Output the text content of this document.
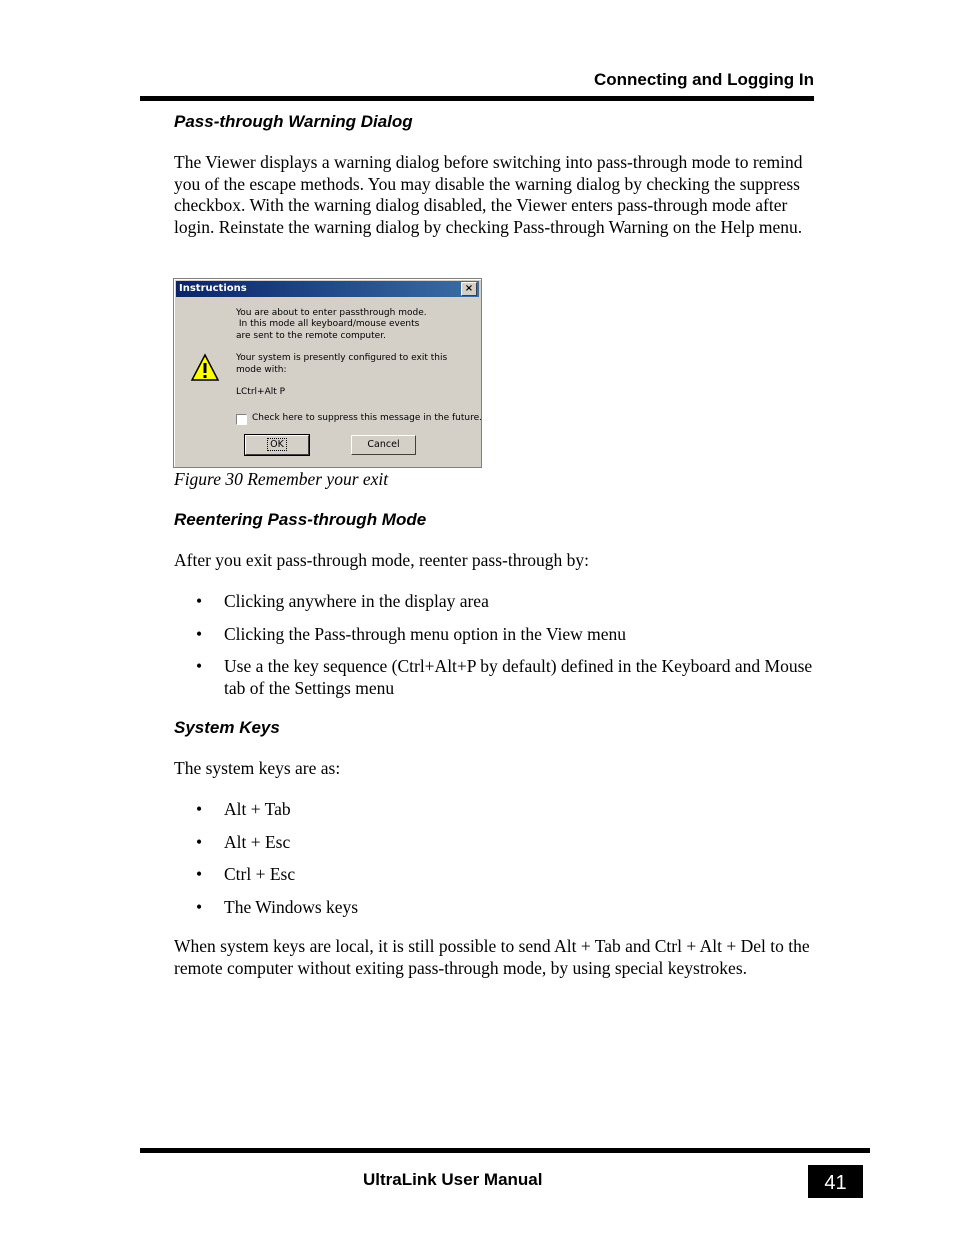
Connecting and Logging In
Pass-through Warning Dialog
The Viewer displays a warning dialog before switching into pass-through mode to remind you of the escape methods. You may disable the warning dialog by checking the suppress checkbox. With the warning dialog disabled, the Viewer enters pass-through mode after login. Reinstate the warning dialog by checking Pass-through Warning on the Help menu.
Instructions	×
You are about to enter passthrough mode.
In this mode all keyboard/mouse events
are sent to the remote computer.
Your system is presently configured to exit this
mode with:
LCtrl+Alt P
Check here to suppress this message in the future.
OK	Cancel
Figure 30 Remember your exit
Reentering Pass-through Mode
After you exit pass-through mode, reenter pass-through by:
• Clicking anywhere in the display area
• Clicking the Pass-through menu option in the View menu
• Use a the key sequence (Ctrl+Alt+P by default) defined in the Keyboard and Mouse tab of the Settings menu
System Keys
The system keys are as:
• Alt + Tab
• Alt + Esc
• Ctrl + Esc
• The Windows keys
When system keys are local, it is still possible to send Alt + Tab and Ctrl + Alt + Del to the remote computer without exiting pass-through mode, by using special keystrokes.
UltraLink User Manual	41
